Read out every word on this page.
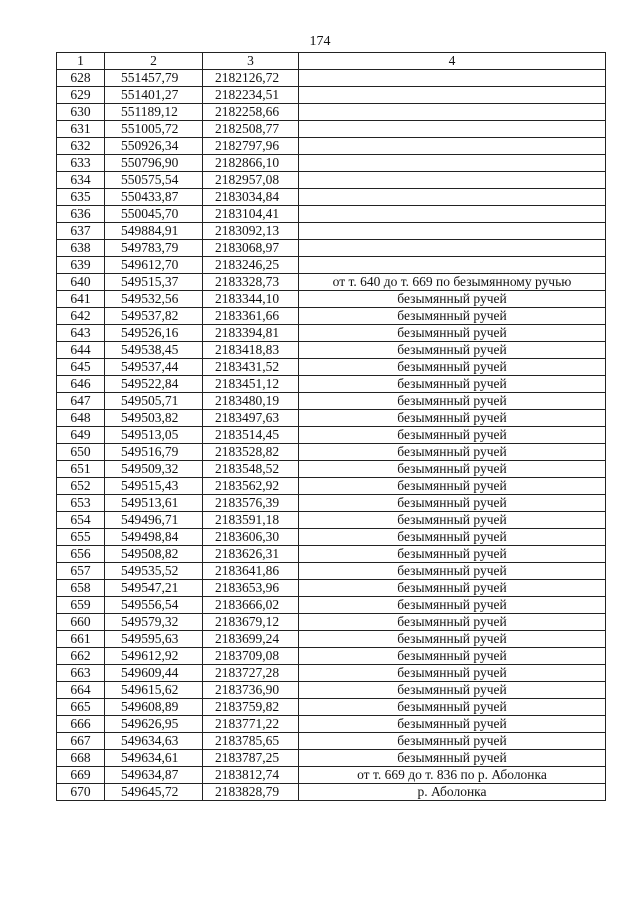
174
1	2	3	4
628	551457,79	2182126,72	
629	551401,27	2182234,51	
630	551189,12	2182258,66	
631	551005,72	2182508,77	
632	550926,34	2182797,96	
633	550796,90	2182866,10	
634	550575,54	2182957,08	
635	550433,87	2183034,84	
636	550045,70	2183104,41	
637	549884,91	2183092,13	
638	549783,79	2183068,97	
639	549612,70	2183246,25	
640	549515,37	2183328,73	от т. 640 до т. 669 по безымянному ручью
641	549532,56	2183344,10	безымянный ручей
642	549537,82	2183361,66	безымянный ручей
643	549526,16	2183394,81	безымянный ручей
644	549538,45	2183418,83	безымянный ручей
645	549537,44	2183431,52	безымянный ручей
646	549522,84	2183451,12	безымянный ручей
647	549505,71	2183480,19	безымянный ручей
648	549503,82	2183497,63	безымянный ручей
649	549513,05	2183514,45	безымянный ручей
650	549516,79	2183528,82	безымянный ручей
651	549509,32	2183548,52	безымянный ручей
652	549515,43	2183562,92	безымянный ручей
653	549513,61	2183576,39	безымянный ручей
654	549496,71	2183591,18	безымянный ручей
655	549498,84	2183606,30	безымянный ручей
656	549508,82	2183626,31	безымянный ручей
657	549535,52	2183641,86	безымянный ручей
658	549547,21	2183653,96	безымянный ручей
659	549556,54	2183666,02	безымянный ручей
660	549579,32	2183679,12	безымянный ручей
661	549595,63	2183699,24	безымянный ручей
662	549612,92	2183709,08	безымянный ручей
663	549609,44	2183727,28	безымянный ручей
664	549615,62	2183736,90	безымянный ручей
665	549608,89	2183759,82	безымянный ручей
666	549626,95	2183771,22	безымянный ручей
667	549634,63	2183785,65	безымянный ручей
668	549634,61	2183787,25	безымянный ручей
669	549634,87	2183812,74	от т. 669 до т. 836 по р. Аболонка
670	549645,72	2183828,79	р. Аболонка
